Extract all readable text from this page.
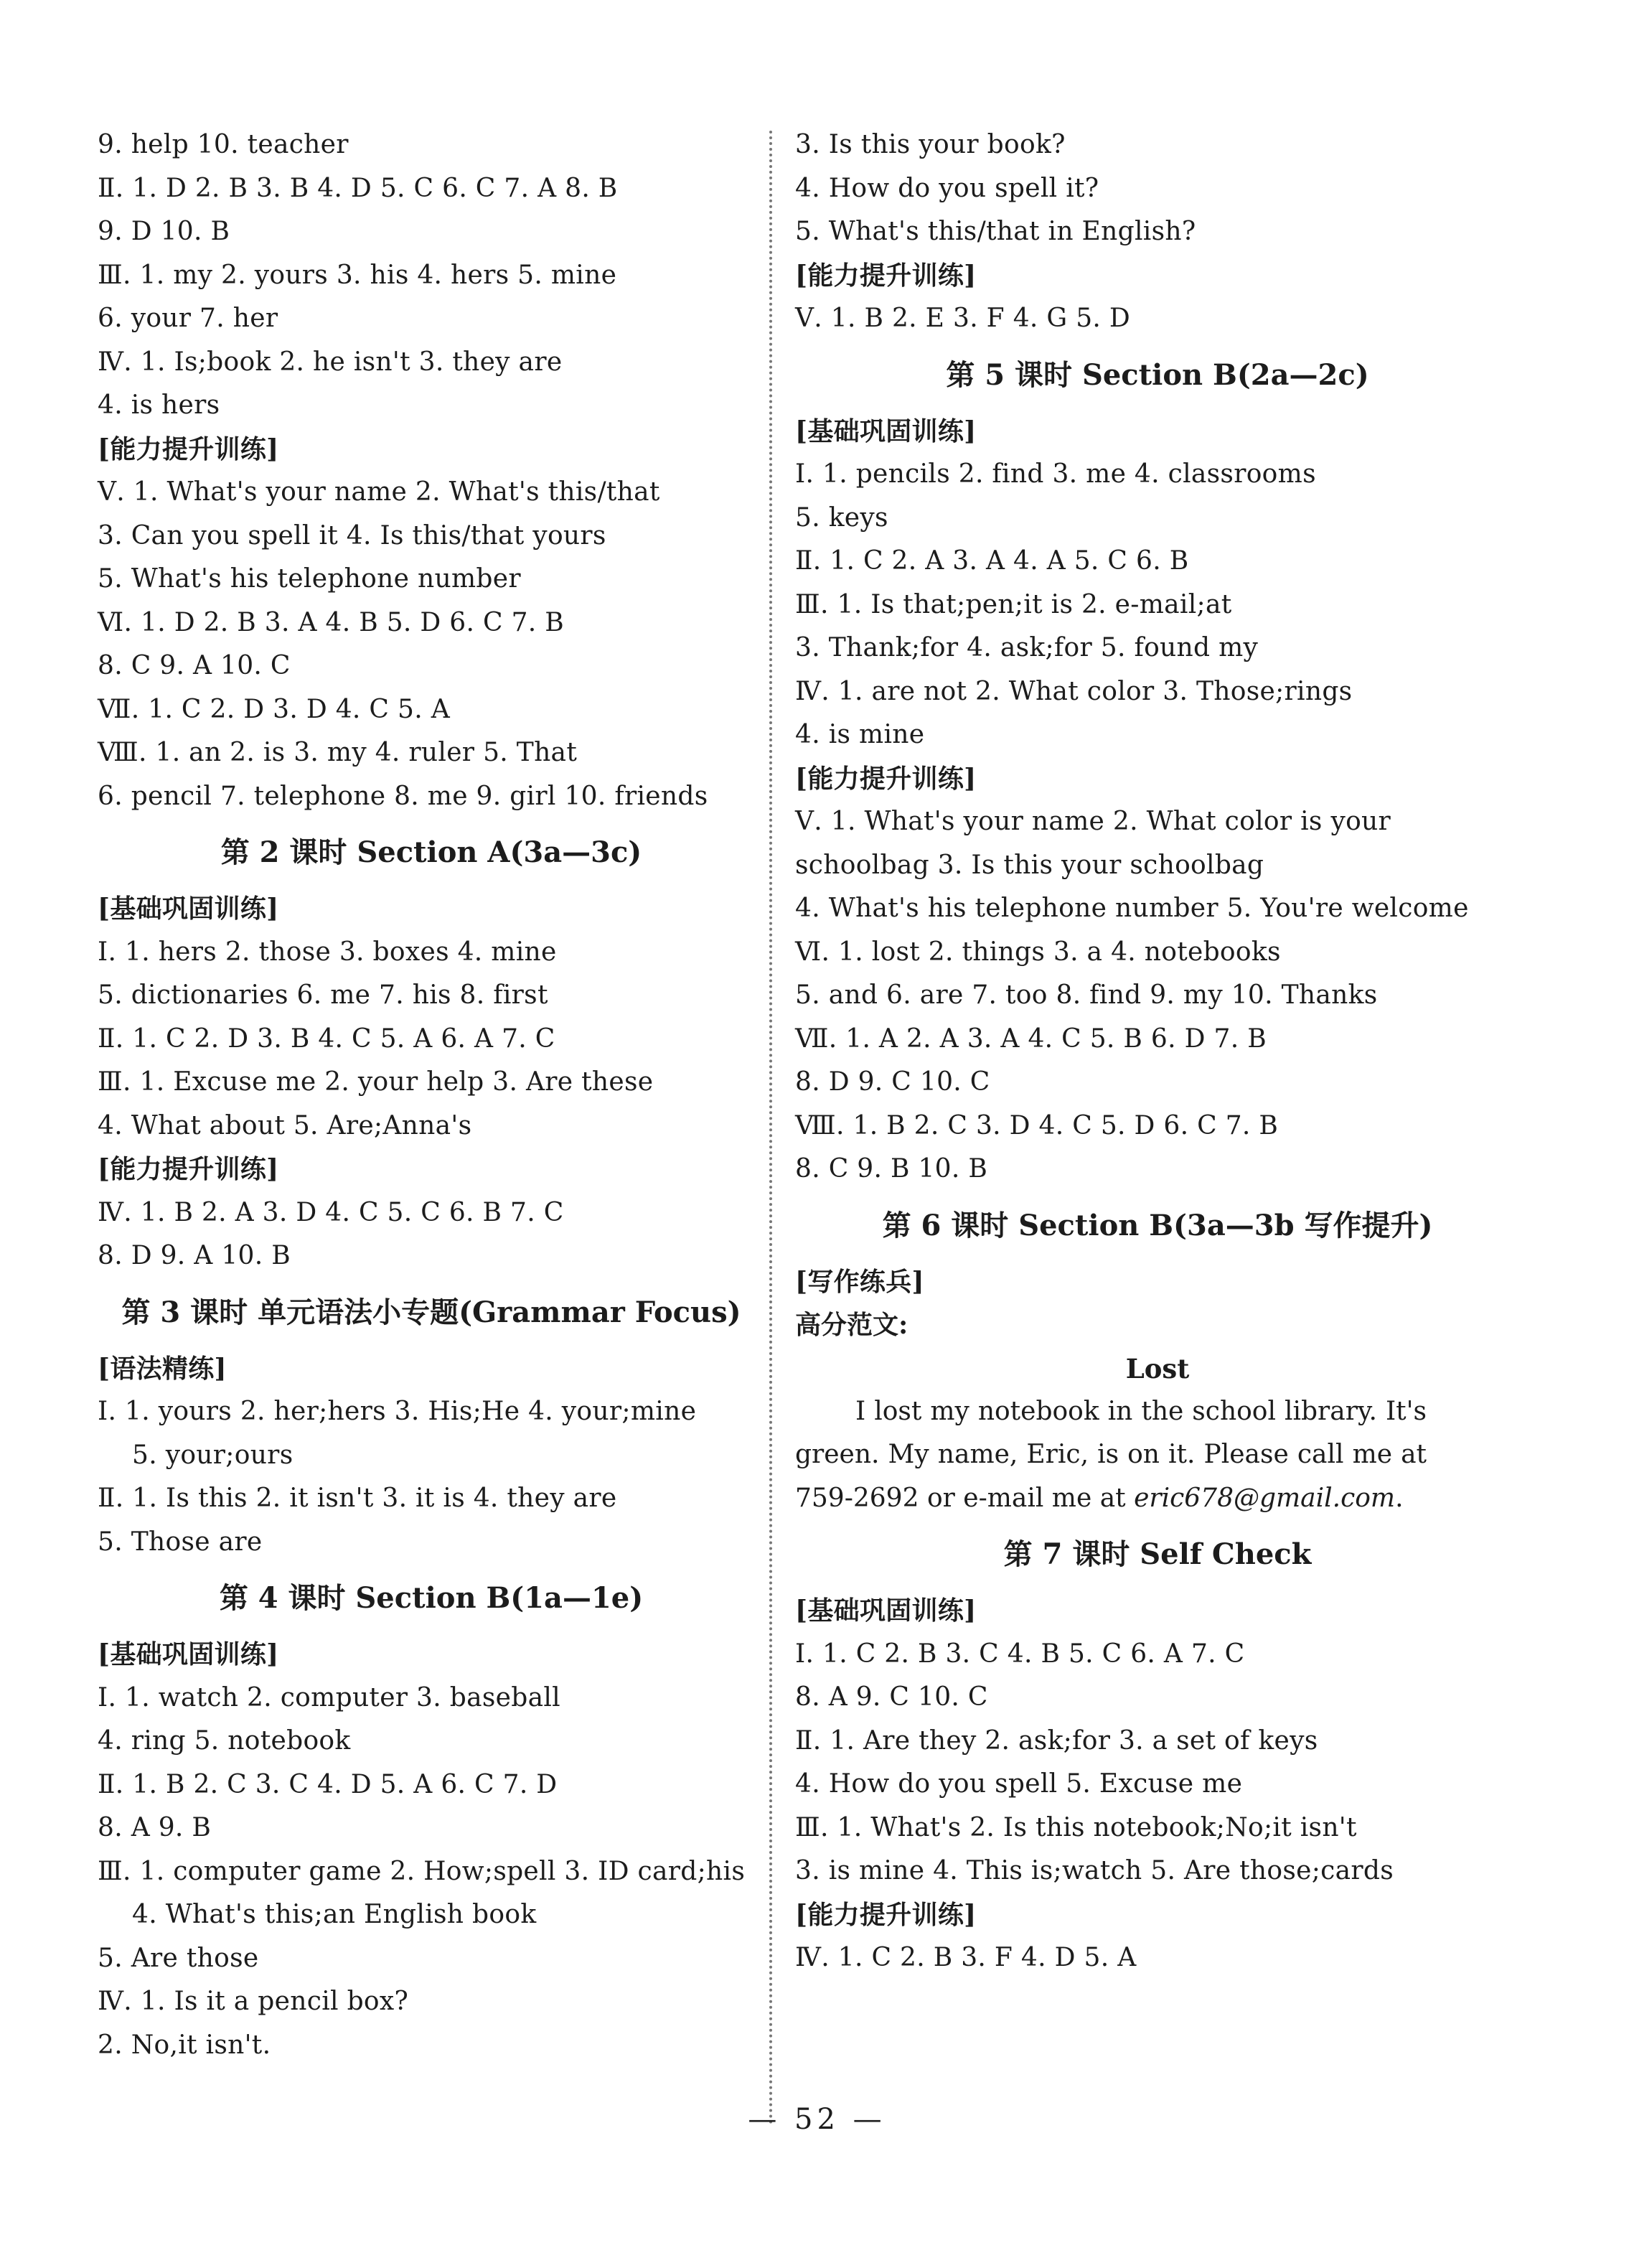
9. help 10. teacher
Ⅱ. 1. D 2. B 3. B 4. D 5. C 6. C 7. A 8. B
9. D 10. B
Ⅲ. 1. my 2. yours 3. his 4. hers 5. mine
6. your 7. her
Ⅳ. 1. Is;book 2. he isn't 3. they are
4. is hers
[能力提升训练]
Ⅴ. 1. What's your name 2. What's this/that
3. Can you spell it 4. Is this/that yours
5. What's his telephone number
Ⅵ. 1. D 2. B 3. A 4. B 5. D 6. C 7. B
8. C 9. A 10. C
Ⅶ. 1. C 2. D 3. D 4. C 5. A
Ⅷ. 1. an 2. is 3. my 4. ruler 5. That
6. pencil 7. telephone 8. me 9. girl 10. friends
第 2 课时 Section A(3a—3c)
[基础巩固训练]
Ⅰ. 1. hers 2. those 3. boxes 4. mine
5. dictionaries 6. me 7. his 8. first
Ⅱ. 1. C 2. D 3. B 4. C 5. A 6. A 7. C
Ⅲ. 1. Excuse me 2. your help 3. Are these
4. What about 5. Are;Anna's
[能力提升训练]
Ⅳ. 1. B 2. A 3. D 4. C 5. C 6. B 7. C
8. D 9. A 10. B
第 3 课时 单元语法小专题(Grammar Focus)
[语法精练]
Ⅰ. 1. yours 2. her;hers 3. His;He 4. your;mine
5. your;ours
Ⅱ. 1. Is this 2. it isn't 3. it is 4. they are
5. Those are
第 4 课时 Section B(1a—1e)
[基础巩固训练]
Ⅰ. 1. watch 2. computer 3. baseball
4. ring 5. notebook
Ⅱ. 1. B 2. C 3. C 4. D 5. A 6. C 7. D
8. A 9. B
Ⅲ. 1. computer game 2. How;spell 3. ID card;his
4. What's this;an English book
5. Are those
Ⅳ. 1. Is it a pencil box?
2. No,it isn't.
3. Is this your book?
4. How do you spell it?
5. What's this/that in English?
[能力提升训练]
Ⅴ. 1. B 2. E 3. F 4. G 5. D
第 5 课时 Section B(2a—2c)
[基础巩固训练]
Ⅰ. 1. pencils 2. find 3. me 4. classrooms
5. keys
Ⅱ. 1. C 2. A 3. A 4. A 5. C 6. B
Ⅲ. 1. Is that;pen;it is 2. e-mail;at
3. Thank;for 4. ask;for 5. found my
Ⅳ. 1. are not 2. What color 3. Those;rings
4. is mine
[能力提升训练]
Ⅴ. 1. What's your name 2. What color is your
schoolbag 3. Is this your schoolbag
4. What's his telephone number 5. You're welcome
Ⅵ. 1. lost 2. things 3. a 4. notebooks
5. and 6. are 7. too 8. find 9. my 10. Thanks
Ⅶ. 1. A 2. A 3. A 4. C 5. B 6. D 7. B
8. D 9. C 10. C
Ⅷ. 1. B 2. C 3. D 4. C 5. D 6. C 7. B
8. C 9. B 10. B
第 6 课时 Section B(3a—3b 写作提升)
[写作练兵]
高分范文:
Lost
I lost my notebook in the school library. It's green. My name, Eric, is on it. Please call me at 759-2692 or e-mail me at eric678@gmail.com.
第 7 课时 Self Check
[基础巩固训练]
Ⅰ. 1. C 2. B 3. C 4. B 5. C 6. A 7. C
8. A 9. C 10. C
Ⅱ. 1. Are they 2. ask;for 3. a set of keys
4. How do you spell 5. Excuse me
Ⅲ. 1. What's 2. Is this notebook;No;it isn't
3. is mine 4. This is;watch 5. Are those;cards
[能力提升训练]
Ⅳ. 1. C 2. B 3. F 4. D 5. A
— 52 —
